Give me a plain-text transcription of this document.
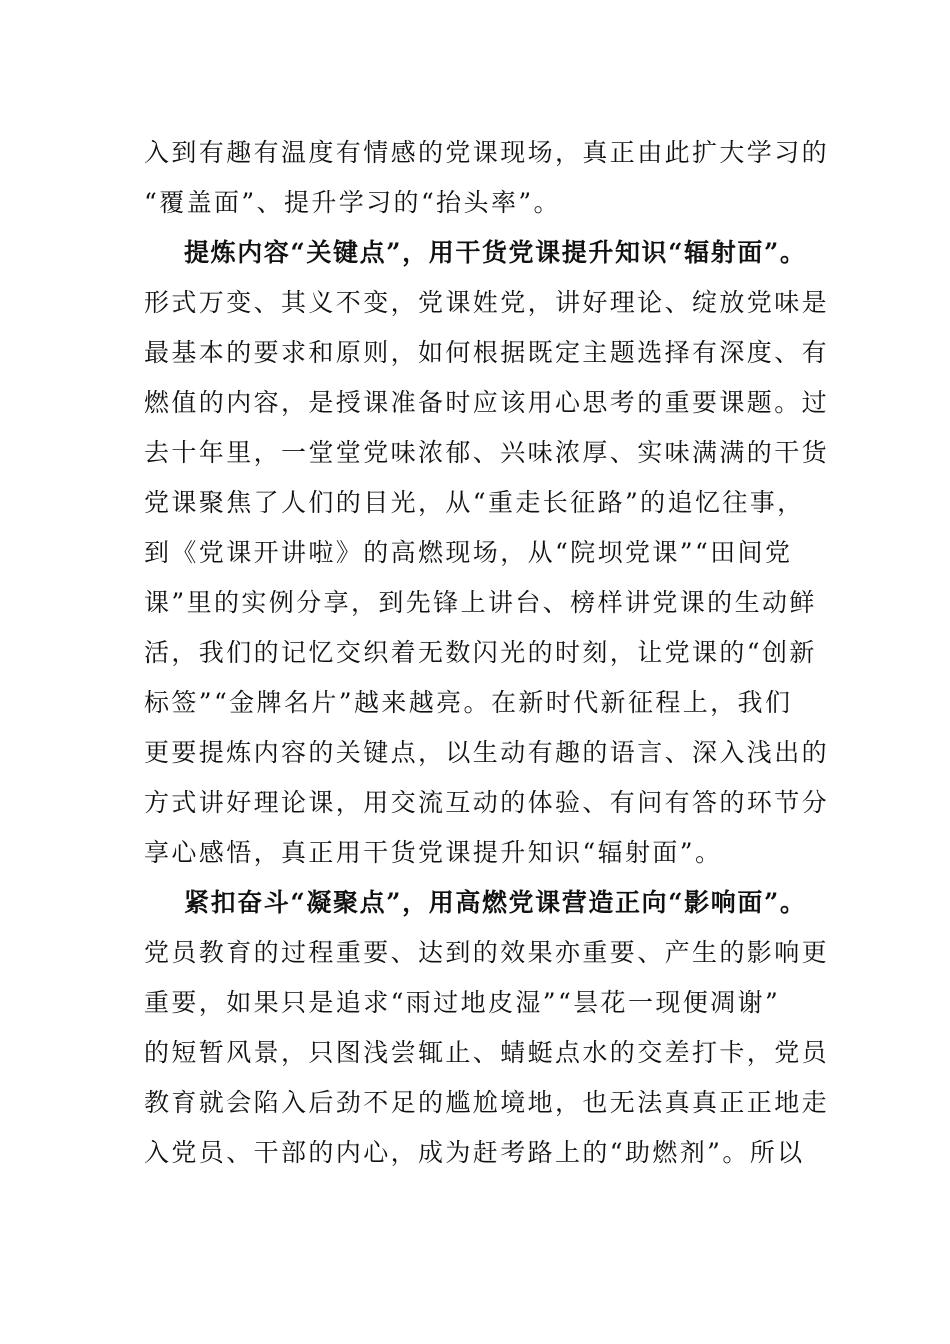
入到有趣有温度有情感的党课现场，真正由此扩大学习的
“覆盖面”、提升学习的“抬头率”。
提炼内容“关键点”，用干货党课提升知识“辐射面”。
形式万变、其义不变，党课姓党，讲好理论、绽放党味是
最基本的要求和原则，如何根据既定主题选择有深度、有
燃值的内容，是授课准备时应该用心思考的重要课题。过
去十年里，一堂堂党味浓郁、兴味浓厚、实味满满的干货
党课聚焦了人们的目光，从“重走长征路”的追忆往事，
到《党课开讲啦》的高燃现场，从“院坝党课”“田间党
课”里的实例分享，到先锋上讲台、榜样讲党课的生动鲜
活，我们的记忆交织着无数闪光的时刻，让党课的“创新
标签”“金牌名片”越来越亮。在新时代新征程上，我们
更要提炼内容的关键点，以生动有趣的语言、深入浅出的
方式讲好理论课，用交流互动的体验、有问有答的环节分
享心感悟，真正用干货党课提升知识“辐射面”。
紧扣奋斗“凝聚点”，用高燃党课营造正向“影响面”。
党员教育的过程重要、达到的效果亦重要、产生的影响更
重要，如果只是追求“雨过地皮湿”“昙花一现便凋谢”
的短暂风景，只图浅尝辄止、蜻蜓点水的交差打卡，党员
教育就会陷入后劲不足的尴尬境地，也无法真真正正地走
入党员、干部的内心，成为赶考路上的“助燃剂”。所以
